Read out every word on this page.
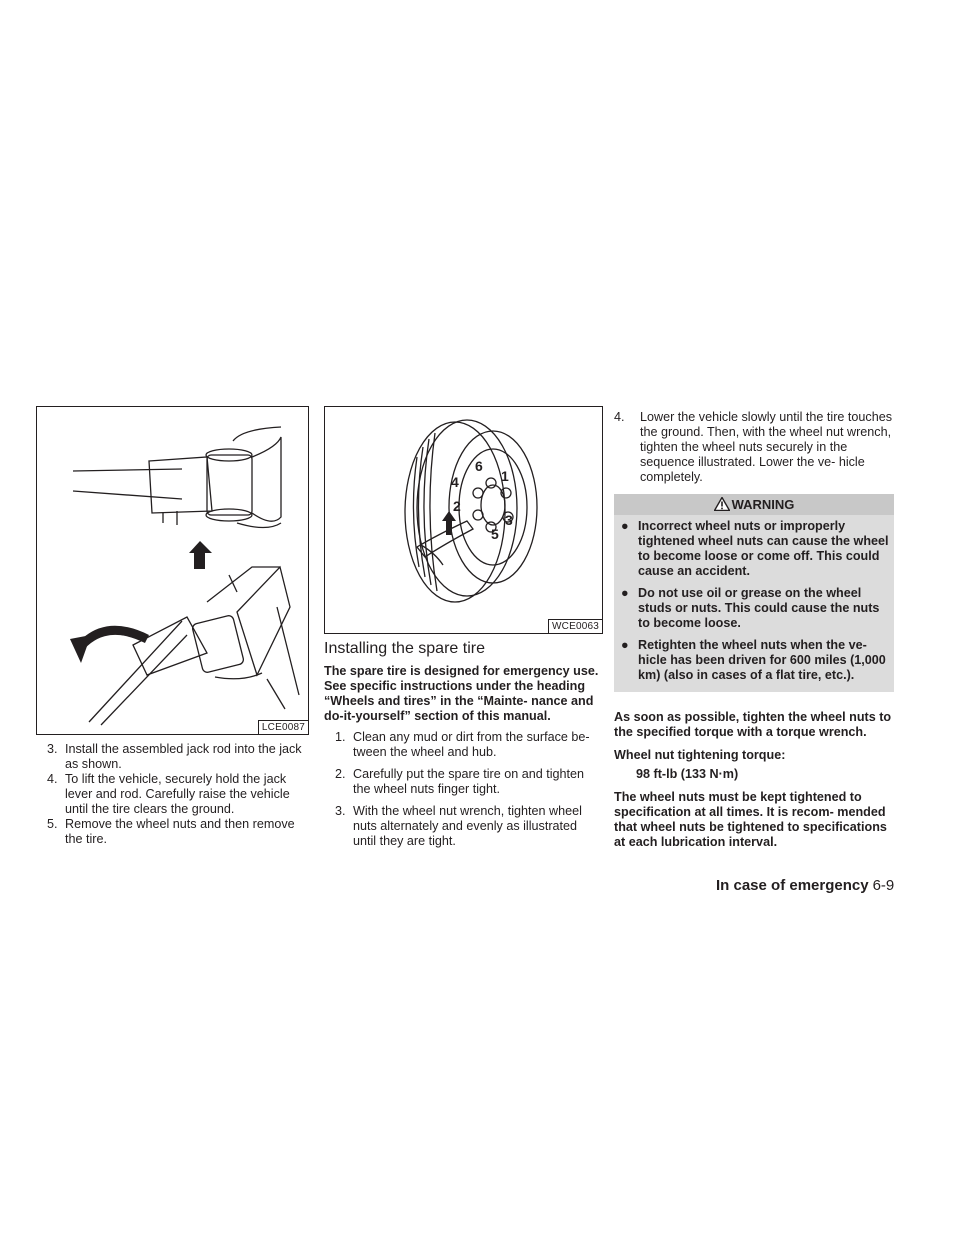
LCE0087
3. Install the assembled jack rod into the jack as shown.
4. To lift the vehicle, securely hold the jack lever and rod. Carefully raise the vehicle until the tire clears the ground.
5. Remove the wheel nuts and then remove the tire.
1
2
3
4
5
6
WCE0063
Installing the spare tire

The spare tire is designed for emergency use. See specific instructions under the heading “Wheels and tires” in the “Mainte- nance and do-it-yourself” section of this manual.

1. Clean any mud or dirt from the surface be- tween the wheel and hub.
2. Carefully put the spare tire on and tighten the wheel nuts finger tight.
3. With the wheel nut wrench, tighten wheel nuts alternately and evenly as illustrated until they are tight.
4. Lower the vehicle slowly until the tire touches the ground. Then, with the wheel nut wrench, tighten the wheel nuts securely in the sequence illustrated. Lower the ve- hicle completely.
WARNING
● Incorrect wheel nuts or improperly tightened wheel nuts can cause the wheel to become loose or come off. This could cause an accident.
● Do not use oil or grease on the wheel studs or nuts. This could cause the nuts to become loose.
● Retighten the wheel nuts when the ve- hicle has been driven for 600 miles (1,000 km) (also in cases of a flat tire, etc.).

As soon as possible, tighten the wheel nuts to the specified torque with a torque wrench.

Wheel nut tightening torque:

98 ft-lb (133 N·m)

The wheel nuts must be kept tightened to specification at all times. It is recom- mended that wheel nuts be tightened to specifications at each lubrication interval.

In case of emergency 6-9
